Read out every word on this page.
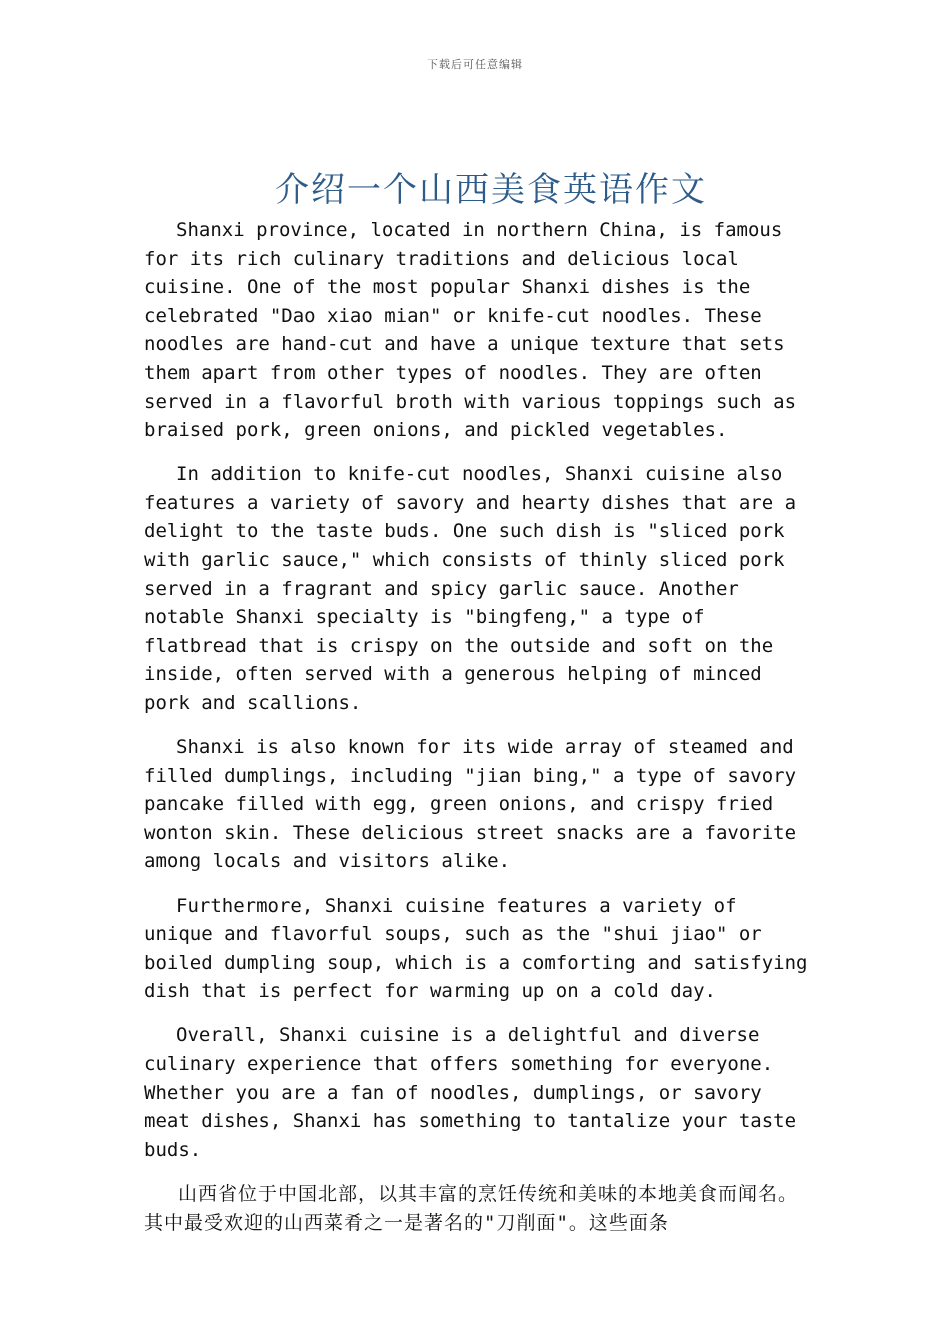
下载后可任意编辑
介绍一个山西美食英语作文

Shanxi province, located in northern China, is famous for its rich culinary traditions and delicious local cuisine. One of the most popular Shanxi dishes is the celebrated "Dao xiao mian" or knife-cut noodles. These noodles are hand-cut and have a unique texture that sets them apart from other types of noodles. They are often served in a flavorful broth with various toppings such as braised pork, green onions, and pickled vegetables.

In addition to knife-cut noodles, Shanxi cuisine also features a variety of savory and hearty dishes that are a delight to the taste buds. One such dish is "sliced pork with garlic sauce," which consists of thinly sliced pork served in a fragrant and spicy garlic sauce. Another notable Shanxi specialty is "bingfeng," a type of flatbread that is crispy on the outside and soft on the inside, often served with a generous helping of minced pork and scallions.

Shanxi is also known for its wide array of steamed and filled dumplings, including "jian bing," a type of savory pancake filled with egg, green onions, and crispy fried wonton skin. These delicious street snacks are a favorite among locals and visitors alike.

Furthermore, Shanxi cuisine features a variety of unique and flavorful soups, such as the "shui jiao" or boiled dumpling soup, which is a comforting and satisfying dish that is perfect for warming up on a cold day.

Overall, Shanxi cuisine is a delightful and diverse culinary experience that offers something for everyone. Whether you are a fan of noodles, dumplings, or savory meat dishes, Shanxi has something to tantalize your taste buds.

山西省位于中国北部，以其丰富的烹饪传统和美味的本地美食而闻名。其中最受欢迎的山西菜肴之一是著名的"刀削面"。这些面条
